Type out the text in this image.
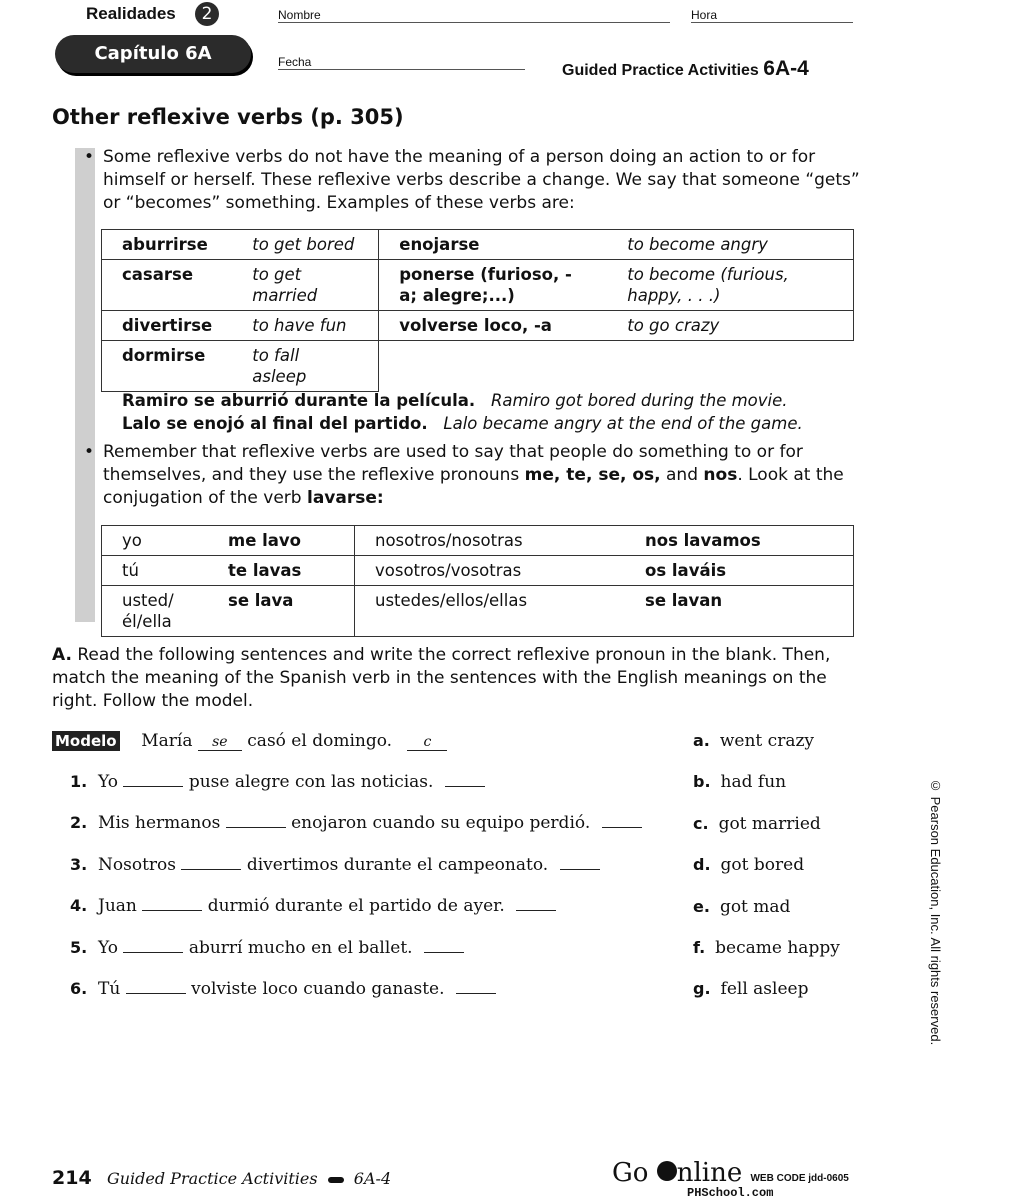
Realidades	2	Nombre	Hora
Capítulo 6A	Fecha	Guided Practice Activities 6A-4
Other reflexive verbs (p. 305)
• Some reflexive verbs do not have the meaning of a person doing an action to or for himself or herself. These reflexive verbs describe a change. We say that someone “gets” or “becomes” something. Examples of these verbs are:
aburrirse	to get bored	enojarse	to become angry
casarse	to get married	ponerse (furioso, -a; alegre;...)	to become (furious, happy, . . .)
divertirse	to have fun	volverse loco, -a	to go crazy
dormirse	to fall asleep		
Ramiro se aburrió durante la película. Ramiro got bored during the movie.
Lalo se enojó al final del partido. Lalo became angry at the end of the game.
• Remember that reflexive verbs are used to say that people do something to or for themselves, and they use the reflexive pronouns me, te, se, os, and nos. Look at the conjugation of the verb lavarse:
yo	me lavo	nosotros/nosotras	nos lavamos
tú	te lavas	vosotros/vosotras	os laváis
usted/él/ella	se lava	ustedes/ellos/ellas	se lavan
A. Read the following sentences and write the correct reflexive pronoun in the blank. Then, match the meaning of the Spanish verb in the sentences with the English meanings on the right. Follow the model.
Modelo María se casó el domingo. c
1. Yo	puse alegre con las noticias.
2. Mis hermanos	enojaron cuando su equipo perdió.
3. Nosotros	divertimos durante el campeonato.
4. Juan	durmió durante el partido de ayer.
5. Yo	aburrí mucho en el ballet.
6. Tú	volviste loco cuando ganaste.
a. went crazy
b. had fun
c. got married
d. got bored
e. got mad
f. became happy
g. fell asleep	© Pearson Education, Inc. All rights reserved.
214 Guided Practice Activities 6A-4	Go nline WEB CODE jdd-0605
PHSchool.com
